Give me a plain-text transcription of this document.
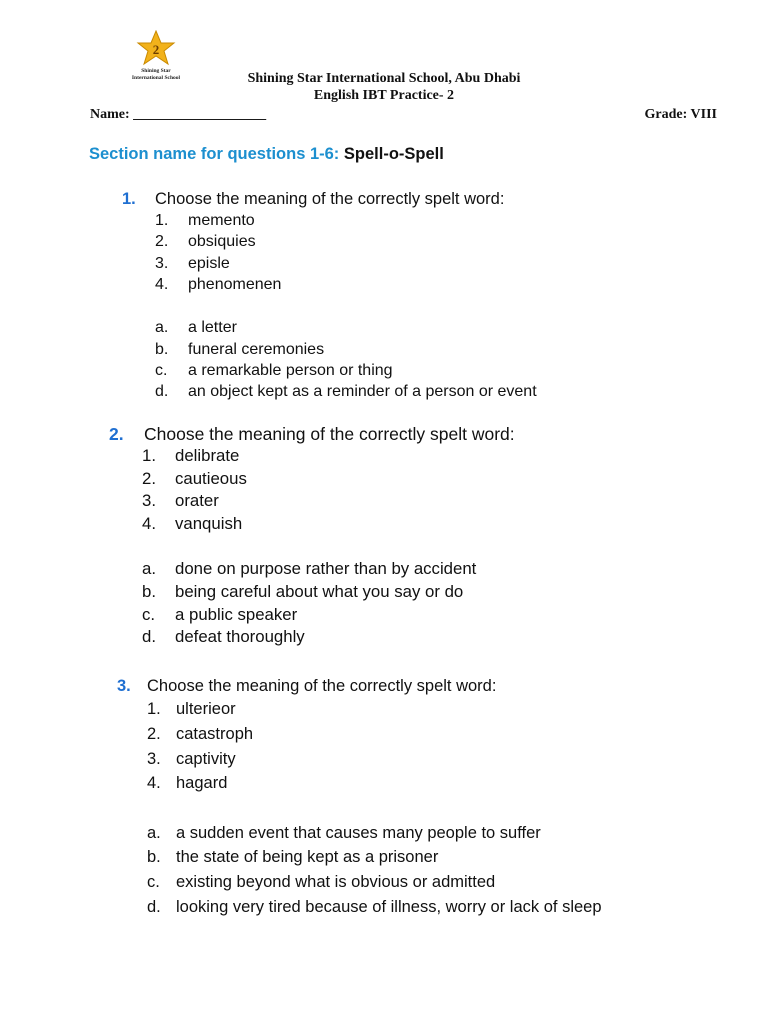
2
Shining Star
International School	Shining Star International School, Abu Dhabi
English IBT Practice- 2
Name: ___________________	Grade: VIII
Section name for questions 1-6: Spell-o-Spell
1. Choose the meaning of the correctly spelt word:
1. memento
2. obsiquies
3. episle
4. phenomenen
a. a letter
b. funeral ceremonies
c. a remarkable person or thing
d. an object kept as a reminder of a person or event
2. Choose the meaning of the correctly spelt word:
1. delibrate
2. cautieous
3. orater
4. vanquish
a. done on purpose rather than by accident
b. being careful about what you say or do
c. a public speaker
d. defeat thoroughly
3. Choose the meaning of the correctly spelt word:
1. ulterieor
2. catastroph
3. captivity
4. hagard
a. a sudden event that causes many people to suffer
b. the state of being kept as a prisoner
c. existing beyond what is obvious or admitted
d. looking very tired because of illness, worry or lack of sleep
